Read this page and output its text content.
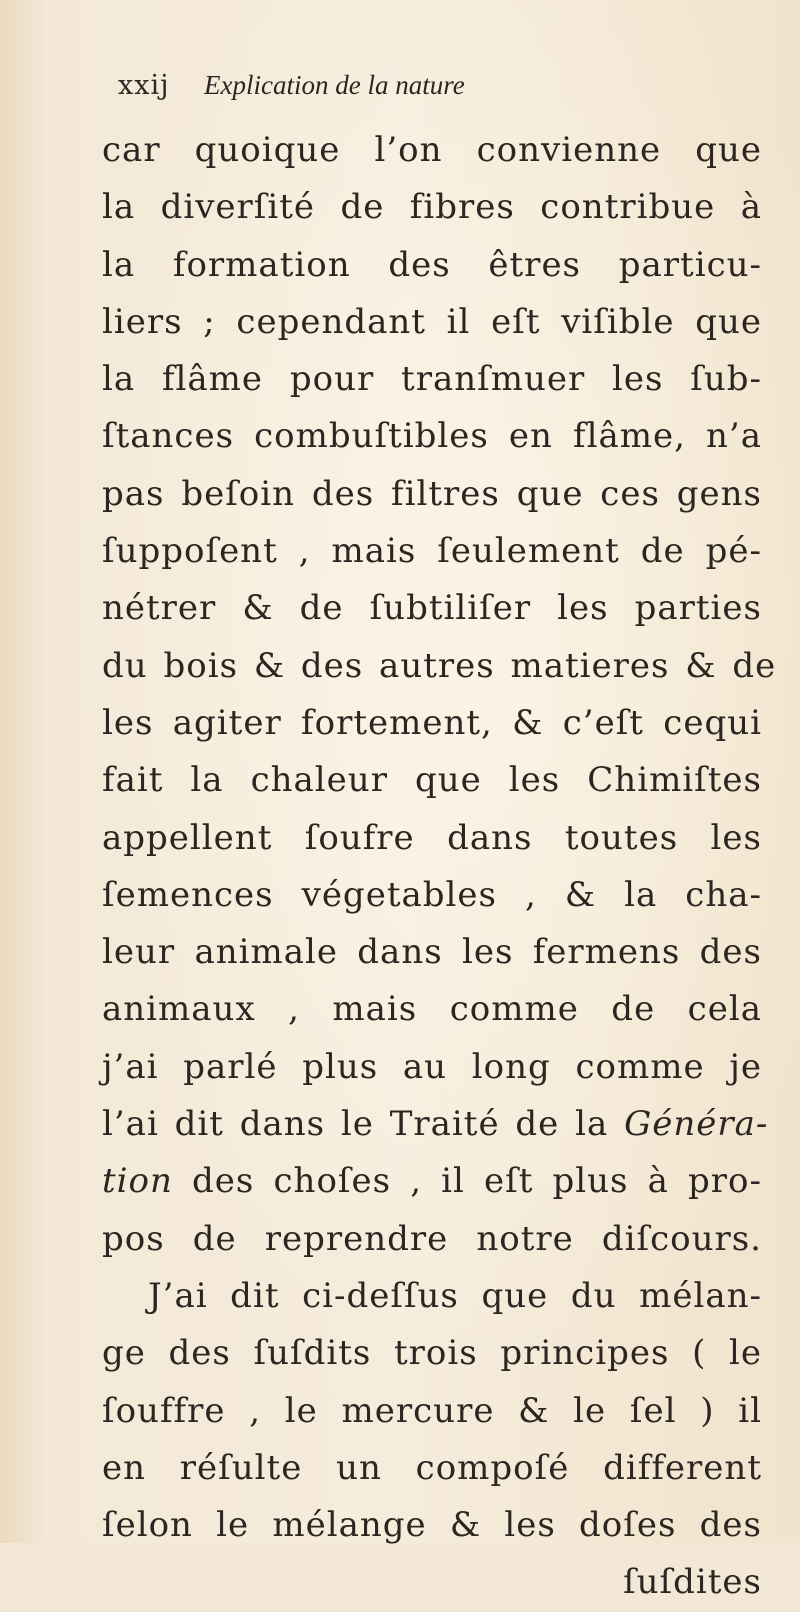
xxij Explication de la nature
car quoique l’on convienne que
la diverſité de fibres contribue à
la formation des êtres particu-
liers ; cependant il eſt viſible que
la flâme pour tranſmuer les ſub-
ſtances combuſtibles en flâme, n’a
pas beſoin des filtres que ces gens
ſuppoſent , mais ſeulement de pé-
nétrer & de ſubtiliſer les parties
du bois & des autres matieres & de
les agiter fortement, & c’eſt cequi
fait la chaleur que les Chimiſtes
appellent ſoufre dans toutes les
ſemences végetables , & la cha-
leur animale dans les fermens des
animaux , mais comme de cela
j’ai parlé plus au long comme je
l’ai dit dans le Traité de la Généra-
tion des choſes , il eſt plus à pro-
pos de reprendre notre diſcours.
J’ai dit ci-deſſus que du mélan-
ge des ſuſdits trois principes ( le
ſouffre , le mercure & le ſel ) il
en réſulte un compoſé different
ſelon le mélange & les doſes des
ſuſdites
